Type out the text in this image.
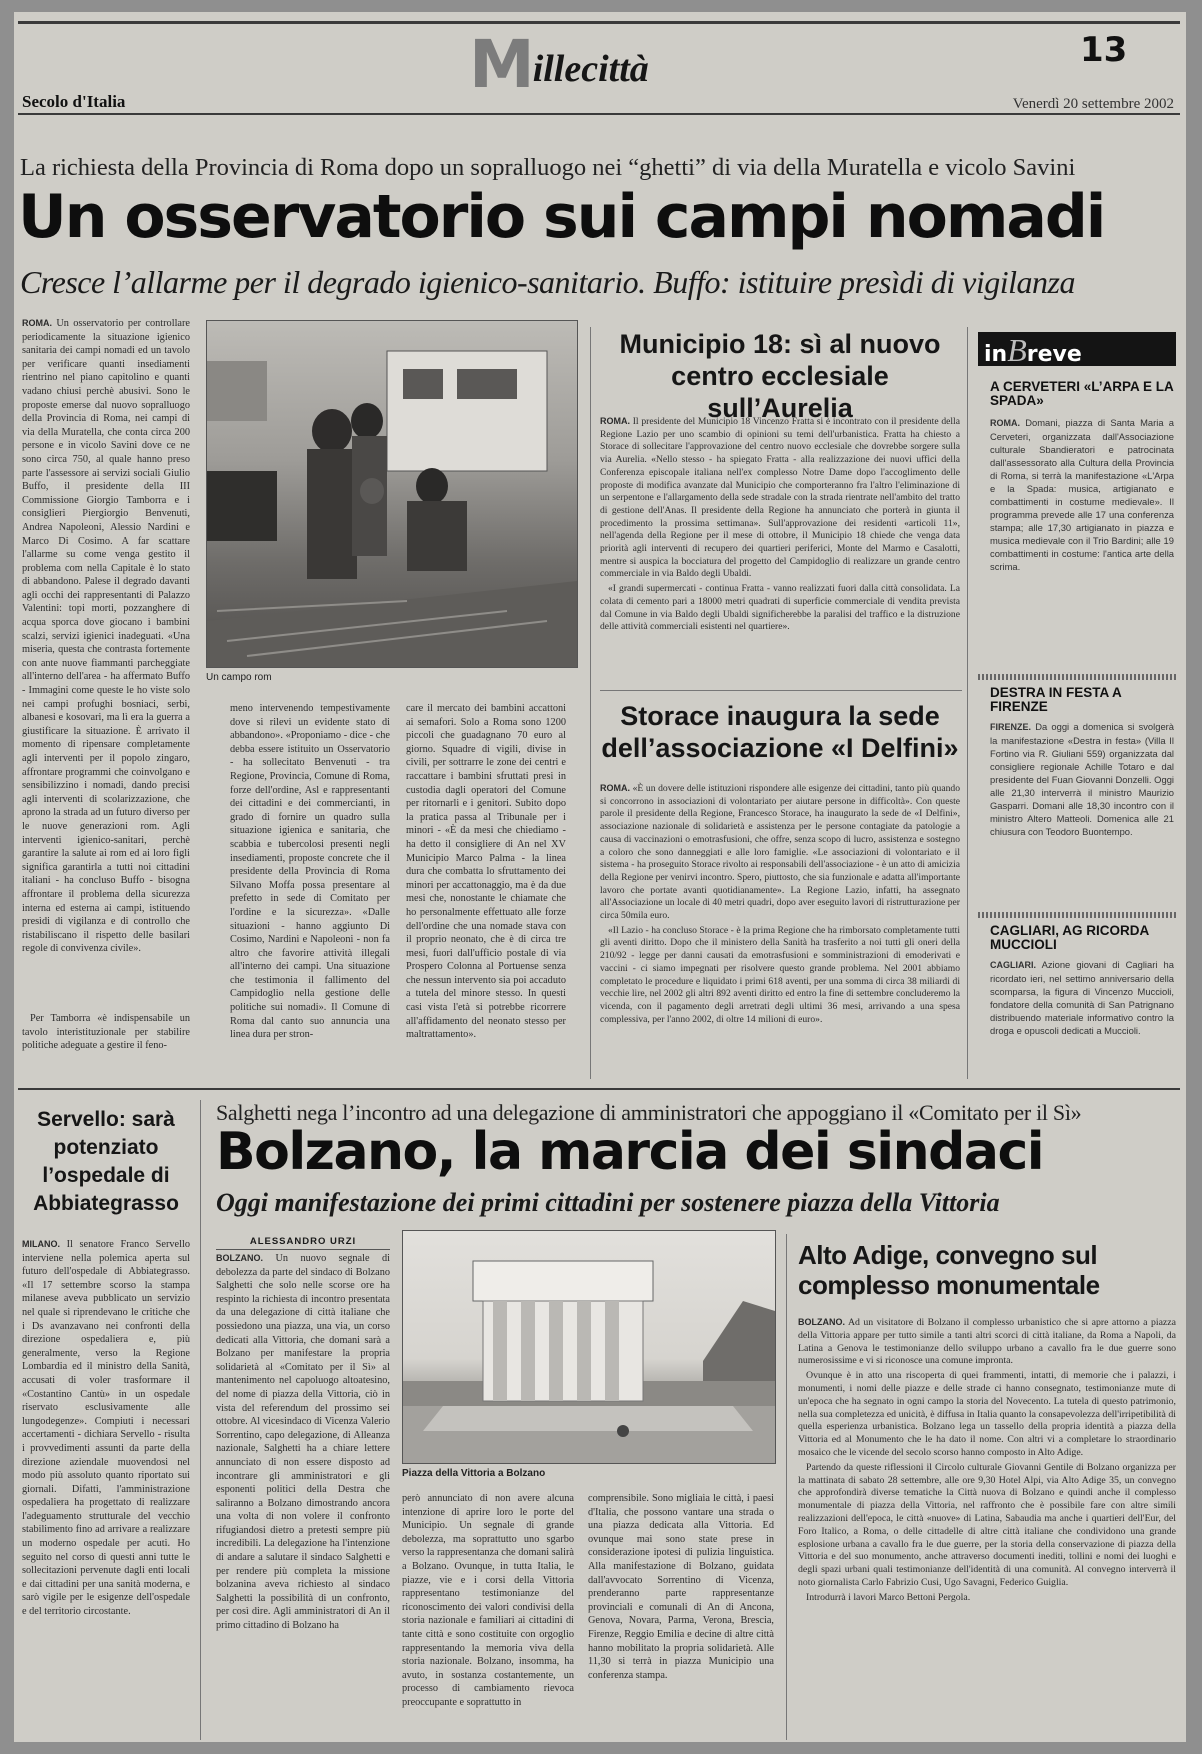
Millecittà	13
Secolo d'Italia	Venerdì 20 settembre 2002
La richiesta della Provincia di Roma dopo un sopralluogo nei “ghetti” di via della Muratella e vicolo Savini
Un osservatorio sui campi nomadi
Cresce l’allarme per il degrado igienico-sanitario. Buffo: istituire presìdi di vigilanza

ROMA. Un osservatorio per controllare periodicamente la situazione igienico sanitaria dei campi nomadi ed un tavolo per verificare quanti insediamenti rientrino nel piano capitolino e quanti vadano chiusi perchè abusivi. Sono le proposte emerse dal nuovo sopralluogo della Provincia di Roma, nei campi di via della Muratella, che conta circa 200 persone e in vicolo Savini dove ce ne sono circa 750, al quale hanno preso parte l'assessore ai servizi sociali Giulio Buffo, il presidente della III Commissione Giorgio Tamborra e i consiglieri Piergiorgio Benvenuti, Andrea Napoleoni, Alessio Nardini e Marco Di Cosimo. A far scattare l'allarme su come venga gestito il problema com nella Capitale è lo stato di abbandono. Palese il degrado davanti agli occhi dei rappresentanti di Palazzo Valentini: topi morti, pozzanghere di acqua sporca dove giocano i bambini scalzi, servizi igienici inadeguati. «Una miseria, questa che contrasta fortemente con ante nuove fiammanti parcheggiate all'interno dell'area - ha affermato Buffo - Immagini come queste le ho viste solo nei campi profughi bosniaci, serbi, albanesi e kosovari, ma lì era la guerra a giustificare la situazione. È arrivato il momento di ripensare completamente agli interventi per il popolo zingaro, affrontare programmi che coinvolgano e sensibilizzino i nomadi, dando precisi agli interventi di scolarizzazione, che aprono la strada ad un futuro diverso per le nuove generazioni rom. Agli interventi igienico-sanitari, perchè garantire la salute ai rom ed ai loro figli significa garantirla a tutti noi cittadini italiani - ha concluso Buffo - bisogna affrontare il problema della sicurezza interna ed esterna ai campi, istituendo presìdi di vigilanza e di controllo che ristabiliscano il rispetto delle basilari regole di convivenza civile».

Per Tamborra «è indispensabile un tavolo interistituzionale per stabilire politiche adeguate a gestire il feno-

Un campo rom

meno intervenendo tempestivamente dove si rilevi un evidente stato di abbandono». «Proponiamo - dice - che debba essere istituito un Osservatorio - ha sollecitato Benvenuti - tra Regione, Provincia, Comune di Roma, forze dell'ordine, Asl e rappresentanti dei cittadini e dei commercianti, in grado di fornire un quadro sulla situazione igienica e sanitaria, che scabbia e tubercolosi presenti negli insediamenti, proposte concrete che il presidente della Provincia di Roma Silvano Moffa possa presentare al prefetto in sede di Comitato per l'ordine e la sicurezza». «Dalle situazioni - hanno aggiunto Di Cosimo, Nardini e Napoleoni - non fa altro che favorire attività illegali all'interno dei campi. Una situazione che testimonia il fallimento del Campidoglio nella gestione delle politiche sui nomadi». Il Comune di Roma dal canto suo annuncia una linea dura per stron-

care il mercato dei bambini accattoni ai semafori. Solo a Roma sono 1200 piccoli che guadagnano 70 euro al giorno. Squadre di vigili, divise in civili, per sottrarre le zone dei centri e raccattare i bambini sfruttati presi in custodia dagli operatori del Comune per ritornarli e i genitori. Subito dopo la pratica passa al Tribunale per i minori - «È da mesi che chiediamo - ha detto il consigliere di An nel XV Municipio Marco Palma - la linea dura che combatta lo sfruttamento dei minori per accattonaggio, ma è da due mesi che, nonostante le chiamate che ho personalmente effettuato alle forze dell'ordine che una nomade stava con il proprio neonato, che è di circa tre mesi, fuori dall'ufficio postale di via Prospero Colonna al Portuense senza che nessun intervento sia poi accaduto a tutela del minore stesso. In questi casi vista l'età si potrebbe ricorrere all'affidamento del neonato stesso per maltrattamento».

Municipio 18: sì al nuovo centro ecclesiale sull’Aurelia

ROMA. Il presidente del Municipio 18 Vincenzo Fratta si è incontrato con il presidente della Regione Lazio per uno scambio di opinioni su temi dell'urbanistica. Fratta ha chiesto a Storace di sollecitare l'approvazione del centro nuovo ecclesiale che dovrebbe sorgere sulla via Aurelia. «Nello stesso - ha spiegato Fratta - alla realizzazione dei nuovi uffici della Conferenza episcopale italiana nell'ex complesso Notre Dame dopo l'accoglimento delle proposte di modifica avanzate dal Municipio che comporteranno fra l'altro l'eliminazione di un serpentone e l'allargamento della sede stradale con la strada rientrate nell'ambito del tratto di gestione dell'Anas. Il presidente della Regione ha annunciato che porterà in giunta il procedimento la prossima settimana». Sull'approvazione dei residenti «articoli 11», nell'agenda della Regione per il mese di ottobre, il Municipio 18 chiede che venga data priorità agli interventi di recupero dei quartieri periferici, Monte del Marmo e Casalotti, mentre si auspica la bocciatura del progetto del Campidoglio di realizzare un grande centro commerciale in via Baldo degli Ubaldi.

«I grandi supermercati - continua Fratta - vanno realizzati fuori dalla città consolidata. La colata di cemento pari a 18000 metri quadrati di superficie commerciale di vendita prevista dal Comune in via Baldo degli Ubaldi significherebbe la paralisi del traffico e la distruzione delle attività commerciali esistenti nel quartiere».

Storace inaugura la sede dell’associazione «I Delfini»

ROMA. «È un dovere delle istituzioni rispondere alle esigenze dei cittadini, tanto più quando si concorrono in associazioni di volontariato per aiutare persone in difficoltà». Con queste parole il presidente della Regione, Francesco Storace, ha inaugurato la sede de «I Delfini», associazione nazionale di solidarietà e assistenza per le persone contagiate da patologie a causa di vaccinazioni o emotrasfusioni, che offre, senza scopo di lucro, assistenza e sostegno a coloro che sono danneggiati e alle loro famiglie. «Le associazioni di volontariato e il sistema - ha proseguito Storace rivolto ai responsabili dell'associazione - è un atto di amicizia della Regione per venirvi incontro. Spero, piuttosto, che sia funzionale e adatta all'importante lavoro che portate avanti quotidianamente». La Regione Lazio, infatti, ha assegnato all'Associazione un locale di 40 metri quadri, dopo aver eseguito lavori di ristrutturazione per circa 50mila euro.

«Il Lazio - ha concluso Storace - è la prima Regione che ha rimborsato completamente tutti gli aventi diritto. Dopo che il ministero della Sanità ha trasferito a noi tutti gli oneri della 210/92 - legge per danni causati da emotrasfusioni e somministrazioni di emoderivati e vaccini - ci siamo impegnati per risolvere questo grande problema. Nel 2001 abbiamo completato le procedure e liquidato i primi 618 aventi, per una somma di circa 38 miliardi di vecchie lire, nel 2002 gli altri 892 aventi diritto ed entro la fine di settembre concluderemo la vicenda, con il pagamento degli arretrati degli ultimi 36 mesi, arrivando a una spesa complessiva, per l'anno 2002, di oltre 14 milioni di euro».

inBreve
A CERVETERI «L’ARPA E LA SPADA»
ROMA. Domani, piazza di Santa Maria a Cerveteri, organizzata dall'Associazione culturale Sbandieratori e patrocinata dall'assessorato alla Cultura della Provincia di Roma, si terrà la manifestazione «L'Arpa e la Spada: musica, artigianato e combattimenti in costume medievale». Il programma prevede alle 17 una conferenza stampa; alle 17,30 artigianato in piazza e musica medievale con il Trio Bardini; alle 19 combattimenti in costume: l'antica arte della scrima.
DESTRA IN FESTA A FIRENZE
FIRENZE. Da oggi a domenica si svolgerà la manifestazione «Destra in festa» (Villa Il Fortino via R. Giuliani 559) organizzata dal consigliere regionale Achille Totaro e dal presidente del Fuan Giovanni Donzelli. Oggi alle 21,30 interverrà il ministro Maurizio Gasparri. Domani alle 18,30 incontro con il ministro Altero Matteoli. Domenica alle 21 chiusura con Teodoro Buontempo.
CAGLIARI, AG RICORDA MUCCIOLI
CAGLIARI. Azione giovani di Cagliari ha ricordato ieri, nel settimo anniversario della scomparsa, la figura di Vincenzo Muccioli, fondatore della comunità di San Patrignano distribuendo materiale informativo contro la droga e opuscoli dedicati a Muccioli.
Servello: sarà potenziato l’ospedale di Abbiategrasso

MILANO. Il senatore Franco Servello interviene nella polemica aperta sul futuro dell'ospedale di Abbiategrasso. «Il 17 settembre scorso la stampa milanese aveva pubblicato un servizio nel quale si riprendevano le critiche che i Ds avanzavano nei confronti della direzione ospedaliera e, più generalmente, verso la Regione Lombardia ed il ministro della Sanità, accusati di voler trasformare il «Costantino Cantù» in un ospedale riservato esclusivamente alle lungodegenze». Compiuti i necessari accertamenti - dichiara Servello - risulta i provvedimenti assunti da parte della direzione aziendale muovendosi nel modo più assoluto quanto riportato sui giornali. Difatti, l'amministrazione ospedaliera ha progettato di realizzare l'adeguamento strutturale del vecchio stabilimento fino ad arrivare a realizzare un moderno ospedale per acuti. Ho seguito nel corso di questi anni tutte le sollecitazioni pervenute dagli enti locali e dai cittadini per una sanità moderna, e sarò vigile per le esigenze dell'ospedale e del territorio circostante.

Salghetti nega l’incontro ad una delegazione di amministratori che appoggiano il «Comitato per il Sì»
Bolzano, la marcia dei sindaci
Oggi manifestazione dei primi cittadini per sostenere piazza della Vittoria
ALESSANDRO URZI

BOLZANO. Un nuovo segnale di debolezza da parte del sindaco di Bolzano Salghetti che solo nelle scorse ore ha respinto la richiesta di incontro presentata da una delegazione di città italiane che possiedono una piazza, una via, un corso dedicati alla Vittoria, che domani sarà a Bolzano per manifestare la propria solidarietà al «Comitato per il Sì» al mantenimento nel capoluogo altoatesino, del nome di piazza della Vittoria, ciò in vista del referendum del prossimo sei ottobre. Al vicesindaco di Vicenza Valerio Sorrentino, capo delegazione, di Alleanza nazionale, Salghetti ha a chiare lettere annunciato di non essere disposto ad incontrare gli amministratori e gli esponenti politici della Destra che saliranno a Bolzano dimostrando ancora una volta di non volere il confronto rifugiandosi dietro a pretesti sempre più incredibili. La delegazione ha l'intenzione di andare a salutare il sindaco Salghetti e per rendere più completa la missione bolzanina aveva richiesto al sindaco Salghetti la possibilità di un confronto, per così dire. Agli amministratori di An il primo cittadino di Bolzano ha

Piazza della Vittoria a Bolzano

però annunciato di non avere alcuna intenzione di aprire loro le porte del Municipio. Un segnale di grande debolezza, ma soprattutto uno sgarbo verso la rappresentanza che domani salirà a Bolzano. Ovunque, in tutta Italia, le piazze, vie e i corsi della Vittoria rappresentano testimonianze del riconoscimento dei valori condivisi della storia nazionale e familiari ai cittadini di tante città e sono costituite con orgoglio rappresentando la memoria viva della storia nazionale. Bolzano, insomma, ha avuto, in sostanza costantemente, un processo di cambiamento rievoca preoccupante e soprattutto in

comprensibile. Sono migliaia le città, i paesi d'Italia, che possono vantare una strada o una piazza dedicata alla Vittoria. Ed ovunque mai sono state prese in considerazione ipotesi di pulizia linguistica. Alla manifestazione di Bolzano, guidata dall'avvocato Sorrentino di Vicenza, prenderanno parte rappresentanze provinciali e comunali di An di Ancona, Genova, Novara, Parma, Verona, Brescia, Firenze, Reggio Emilia e decine di altre città hanno mobilitato la propria solidarietà. Alle 11,30 si terrà in piazza Municipio una conferenza stampa.

Alto Adige, convegno sul complesso monumentale

BOLZANO. Ad un visitatore di Bolzano il complesso urbanistico che si apre attorno a piazza della Vittoria appare per tutto simile a tanti altri scorci di città italiane, da Roma a Napoli, da Latina a Genova le testimonianze dello sviluppo urbano a cavallo fra le due guerre sono numerosissime e vi si riconosce una comune impronta.

Ovunque è in atto una riscoperta di quei frammenti, intatti, di memorie che i palazzi, i monumenti, i nomi delle piazze e delle strade ci hanno consegnato, testimonianze mute di un'epoca che ha segnato in ogni campo la storia del Novecento. La tutela di questo patrimonio, nella sua completezza ed unicità, è diffusa in Italia quanto la consapevolezza dell'irripetibilità di quella esperienza urbanistica. Bolzano lega un tassello della propria identità a piazza della Vittoria ed al Monumento che le ha dato il nome. Con altri vi a completare lo straordinario mosaico che le vicende del secolo scorso hanno composto in Alto Adige.

Partendo da queste riflessioni il Circolo culturale Giovanni Gentile di Bolzano organizza per la mattinata di sabato 28 settembre, alle ore 9,30 Hotel Alpi, via Alto Adige 35, un convegno che approfondirà diverse tematiche la Città nuova di Bolzano e quindi anche il complesso monumentale di piazza della Vittoria, nel raffronto che è possibile fare con altre simili realizzazioni dell'epoca, le città «nuove» di Latina, Sabaudia ma anche i quartieri dell'Eur, del Foro Italico, a Roma, o delle cittadelle di altre città italiane che condividono una grande esplosione urbana a cavallo fra le due guerre, per la storia della conservazione di piazza della Vittoria e del suo monumento, anche attraverso documenti inediti, tollini e nomi dei luoghi e degli spazi urbani quali testimonianze dell'identità di una comunità. Al convegno interverrà il noto giornalista Carlo Fabrizio Cusi, Ugo Savagni, Federico Guiglia.

Introdurrà i lavori Marco Bettoni Pergola.
